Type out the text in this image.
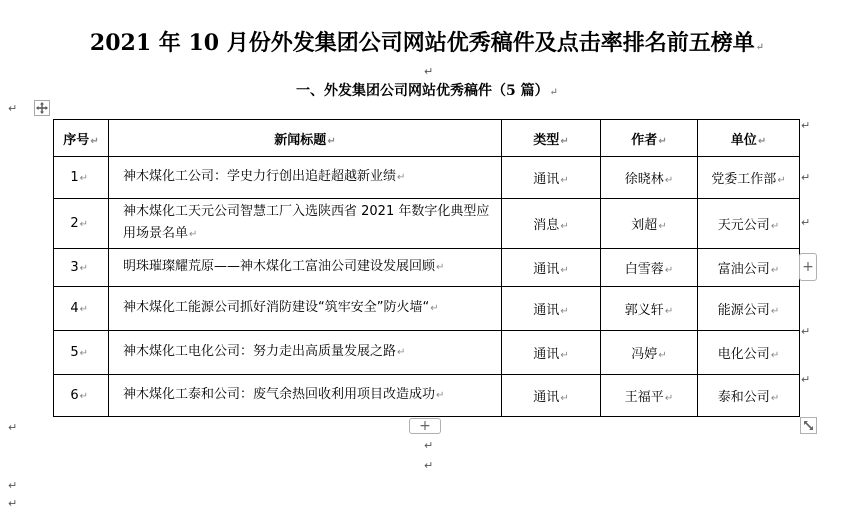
2021 年 10 月份外发集团公司网站优秀稿件及点击率排名前五榜单↵
↵
一、外发集团公司网站优秀稿件（5 篇）↵
↵
序号↵	新闻标题↵	类型↵	作者↵	单位↵
1↵	神木煤化工公司：学史力行创出追赶超越新业绩↵	通讯↵	徐晓林↵	党委工作部↵
2↵	神木煤化工天元公司智慧工厂入选陕西省 2021 年数字化典型应用场景名单↵	消息↵	刘超↵	天元公司↵
3↵	明珠璀璨耀荒原——神木煤化工富油公司建设发展回顾↵	通讯↵	白雪蓉↵	富油公司↵
4↵	神木煤化工能源公司抓好消防建设“筑牢安全”防火墙“↵	通讯↵	郭义轩↵	能源公司↵
5↵	神木煤化工电化公司：努力走出高质量发展之路↵	通讯↵	冯婷↵	电化公司↵
6↵	神木煤化工泰和公司：废气余热回收利用项目改造成功↵	通讯↵	王福平↵	泰和公司↵
↵
↵
↵
↵
↵
+
+
↵
↵
↵
↵
↵
